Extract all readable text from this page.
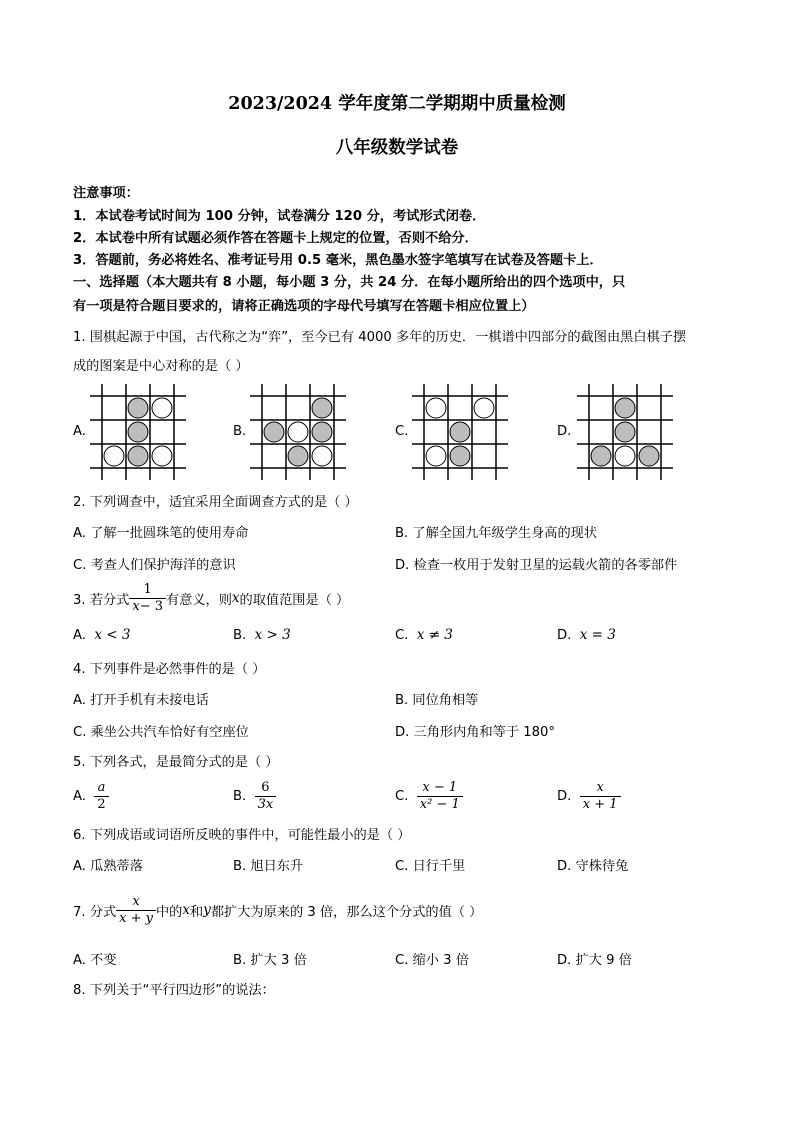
2023/2024 学年度第二学期期中质量检测
八年级数学试卷
注意事项：
1．本试卷考试时间为 100 分钟，试卷满分 120 分，考试形式闭卷．
2．本试卷中所有试题必须作答在答题卡上规定的位置，否则不给分．
3．答题前，务必将姓名、准考证号用 0.5 毫米，黑色墨水签字笔填写在试卷及答题卡上．
一、选择题（本大题共有 8 小题，每小题 3 分，共 24 分．在每小题所给出的四个选项中，只
有一项是符合题目要求的，请将正确选项的字母代号填写在答题卡相应位置上）
1. 围棋起源于中国，古代称之为“弈”，至今已有 4000 多年的历史．一棋谱中四部分的截图由黑白棋子摆
成的图案是中心对称的是（ ）
A.	B.	C.	D.
2. 下列调查中，适宜采用全面调查方式的是（ ）
A. 了解一批圆珠笔的使用寿命	B. 了解全国九年级学生身高的现状
C. 考查人们保护海洋的意识	D. 检查一枚用于发射卫星的运载火箭的各零部件
3. 若分式 $\frac{1}{x- 3}$ 有意义，则 x 的取值范围是（ ）
A. x < 3	B. x > 3	C. x ≠ 3	D. x = 3
4. 下列事件是必然事件的是（ ）
A. 打开手机有未接电话	B. 同位角相等
C. 乘坐公共汽车恰好有空座位	D. 三角形内角和等于 180°
5. 下列各式，是最简分式的是（ ）
A.
$\frac{a}{2}$	B.
$\frac{6}{3x}$	C.
$\frac{x - 1}{\text{x² − 1}}$	D.
$\frac{x}{x + 1}$
6. 下列成语或词语所反映的事件中，可能性最小的是（ ）
A. 瓜熟蒂落	B. 旭日东升	C. 日行千里	D. 守株待兔
7. 分式 $\frac{x}{x + y}$ 中的 x 和 y 都扩大为原来的 3 倍，那么这个分式的值（ ）
A. 不变	B. 扩大 3 倍	C. 缩小 3 倍	D. 扩大 9 倍
8. 下列关于“平行四边形”的说法：
